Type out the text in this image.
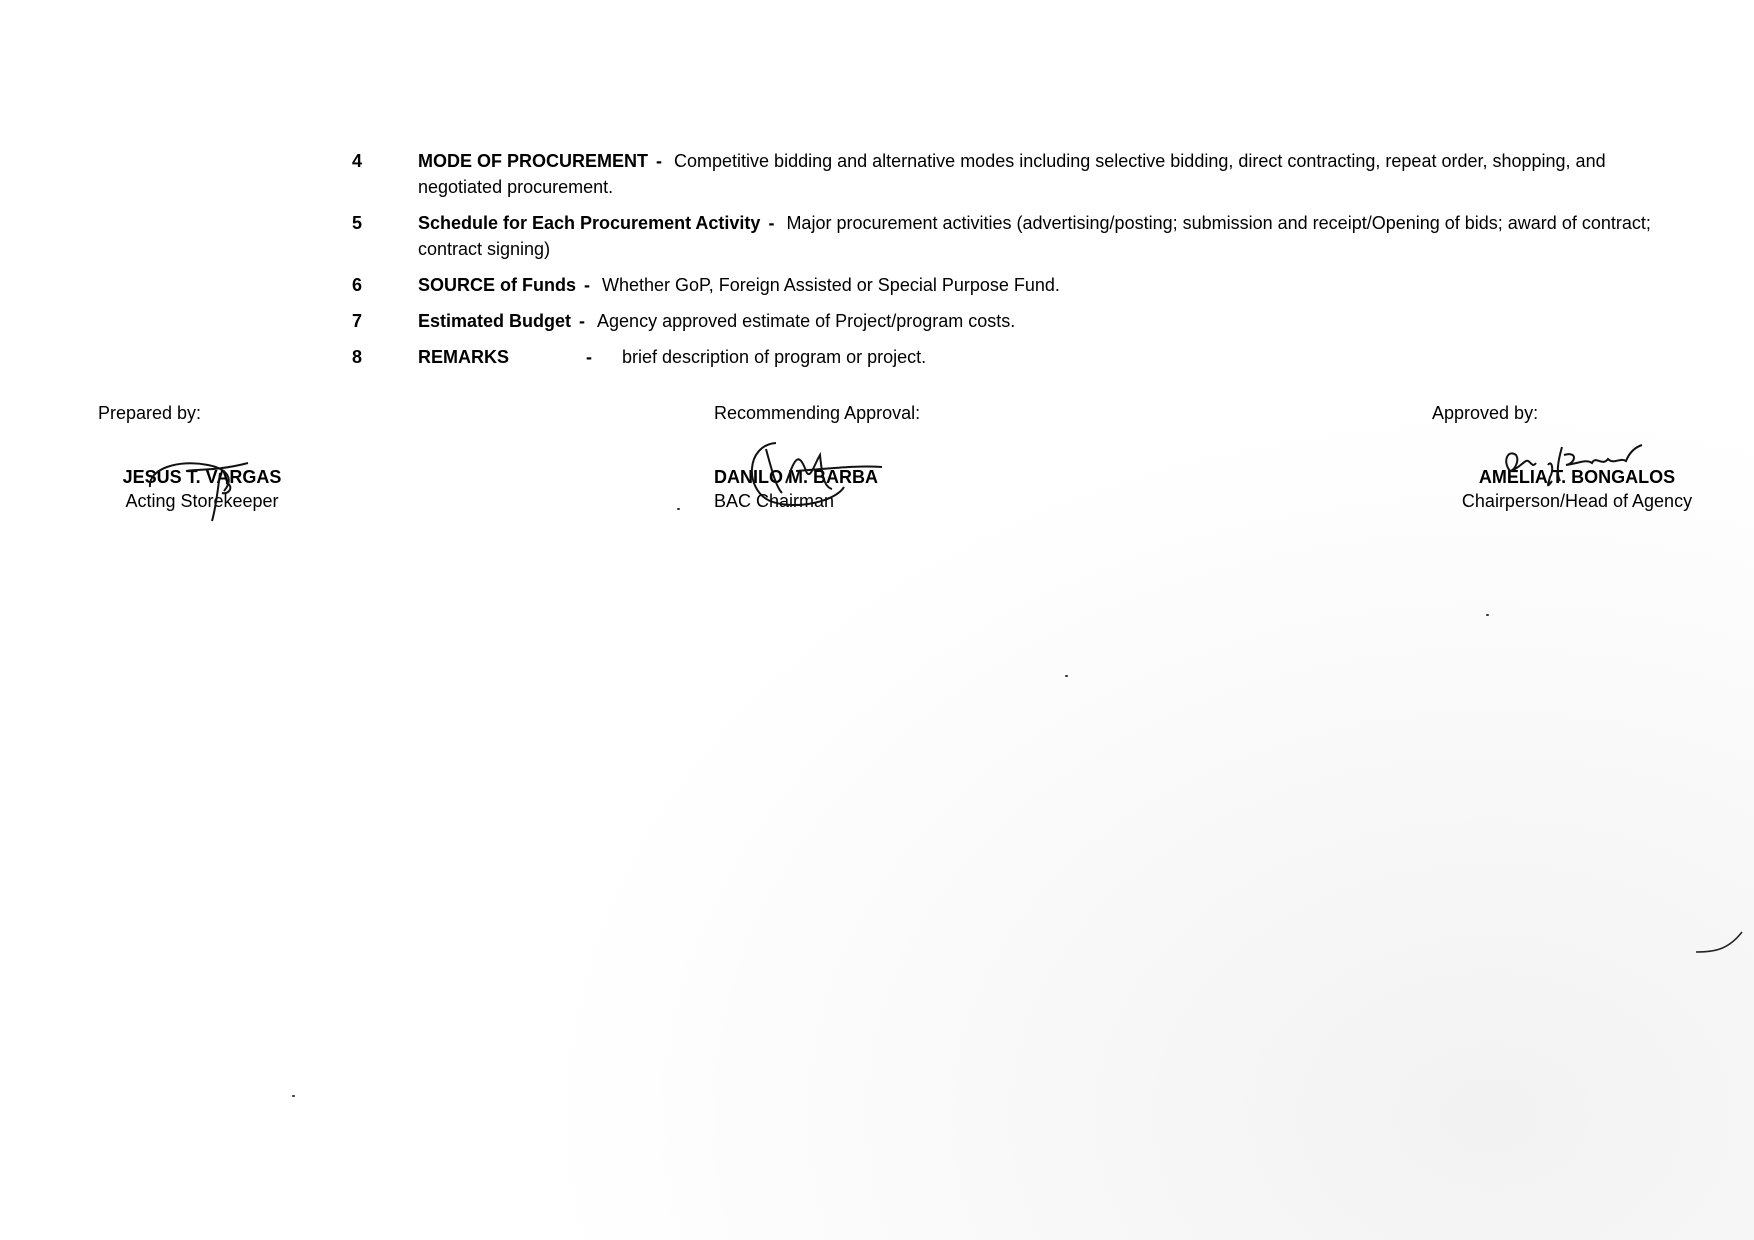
4	MODE OF PROCUREMENT - Competitive bidding and alternative modes including selective bidding, direct contracting, repeat order, shopping, and negotiated procurement.
5	Schedule for Each Procurement Activity - Major procurement activities (advertising/posting; submission and receipt/Opening of bids; award of contract; contract signing)
6	SOURCE of Funds - Whether GoP, Foreign Assisted or Special Purpose Fund.
7	Estimated Budget - Agency approved estimate of Project/program costs.
8	REMARKS	- brief description of program or project.
Prepared by:
JESUS T. VARGAS
Acting Storekeeper
Recommending Approval:
DANILO M. BARBA
BAC Chairman
Approved by:
AMELIA T. BONGALOS
Chairperson/Head of Agency
